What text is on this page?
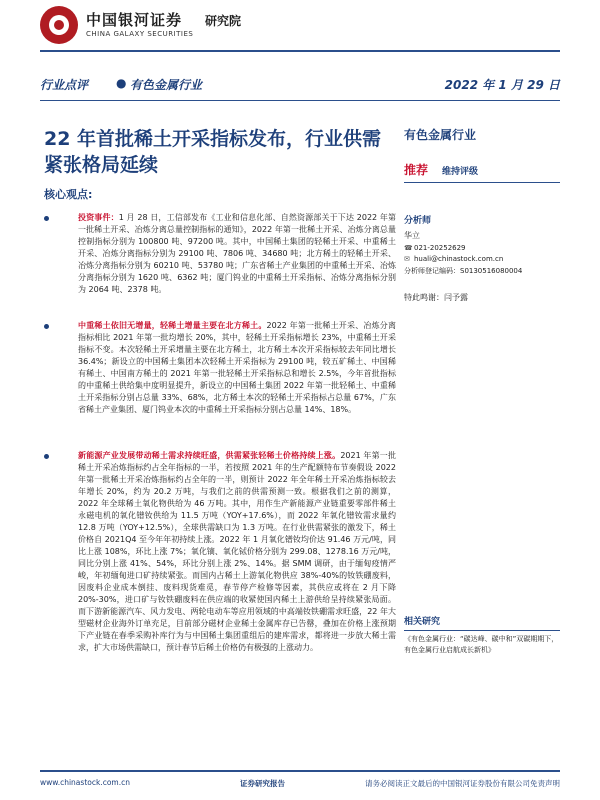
中国银河证券
CHINA GALAXY SECURITIES
研究院
行业点评 ● 有色金属行业	2022 年 1 月 29 日
22 年首批稀土开采指标发布，行业供需紧张格局延续
核心观点:
投资事件：1 月 28 日，工信部发布《工业和信息化部、自然资源部关于下达 2022 年第一批稀土开采、冶炼分离总量控制指标的通知》，2022 年第一批稀土开采、冶炼分离总量控制指标分别为 100800 吨、97200 吨。其中，中国稀土集团的轻稀土开采、中重稀土开采、冶炼分离指标分别为 29100 吨、7806 吨、34680 吨；北方稀土的轻稀土开采、冶炼分离指标分别为 60210 吨、53780 吨；广东省稀土产业集团的中重稀土开采、冶炼分离指标分别为 1620 吨、6362 吨；厦门钨业的中重稀土开采指标、冶炼分离指标分别为 2064 吨、2378 吨。
中重稀土依旧无增量，轻稀土增量主要在北方稀土。2022 年第一批稀土开采、冶炼分离指标相比 2021 年第一批均增长 20%，其中，轻稀土开采指标增长 23%，中重稀土开采指标不变。本次轻稀土开采增量主要在北方稀土，北方稀土本次开采指标较去年同比增长 36.4%；新设立的中国稀土集团本次轻稀土开采指标为 29100 吨，较五矿稀土、中国稀有稀土、中国南方稀土的 2021 年第一批轻稀土开采指标总和增长 2.5%，今年首批指标的中重稀土供给集中度明显提升，新设立的中国稀土集团 2022 年第一批轻稀土、中重稀土开采指标分别占总量 33%、68%，北方稀土本次的轻稀土开采指标占总量 67%，广东省稀土产业集团、厦门钨业本次的中重稀土开采指标分别占总量 14%、18%。
新能源产业发展带动稀土需求持续旺盛，供需紧张轻稀土价格持续上涨。2021 年第一批稀土开采冶炼指标约占全年指标的一半，若按照 2021 年的生产配额特布节奏假设 2022 年第一批稀土开采冶炼指标约占全年的一半，则预计 2022 年全年稀土开采冶炼指标较去年增长 20%，约为 20.2 万吨，与我们之前的供需预测一致。根据我们之前的测算，2022 年全球稀土氧化物供给为 46 万吨。其中，用作生产新能源产业链重要零部件稀土永磁电机的氧化镨钕供给为 11.5 万吨（YOY+17.6%），而 2022 年氧化镨钕需求量约 12.8 万吨（YOY+12.5%），全球供需缺口为 1.3 万吨。在行业供需紧张的激发下，稀土价格自 2021Q4 至今年年初持续上涨。2022 年 1 月氧化镨钕均价达 91.46 万元/吨，同比上涨 108%，环比上涨 7%；氧化镝、氧化铽价格分别为 299.08、1278.16 万元/吨，同比分别上涨 41%、54%，环比分别上涨 2%、14%。据 SMM 调研，由于缅甸疫情严峻，年初缅甸进口矿持续紧张。而国内占稀土上游氧化物供应 38%-40%的钕铁硼废料，因废料企业成本倒挂、废料现货难觅，春节停产检修等因素，其供应或将在 2 月下降 20%-30%，进口矿与钕铁硼废料在供应端的收紧使国内稀土上游供给呈持续紧张局面。而下游新能源汽车、风力发电、两轮电动车等应用领域的中高端钕铁硼需求旺盛，22 年大型磁材企业海外订单充足，目前部分磁材企业稀土金属库存已告罄，叠加在价格上涨预期下产业链在春季采购补库行为与中国稀土集团重组后的建库需求，都将进一步放大稀土需求，扩大市场供需缺口，预计春节后稀土价格仍有极强的上涨动力。
有色金属行业
推荐 维持评级
分析师
华立
☎ 021-20252629
✉ huali@chinastock.com.cn
分析师登记编码：S0130516080004
特此鸣谢：闫予露
相关研究
《有色金属行业：“碳达峰、碳中和”双碳期期下，有色金属行业启航成长新机》
www.chinastock.com.cn	证券研究报告	请务必阅读正文最后的中国银河证券股份有限公司免责声明
